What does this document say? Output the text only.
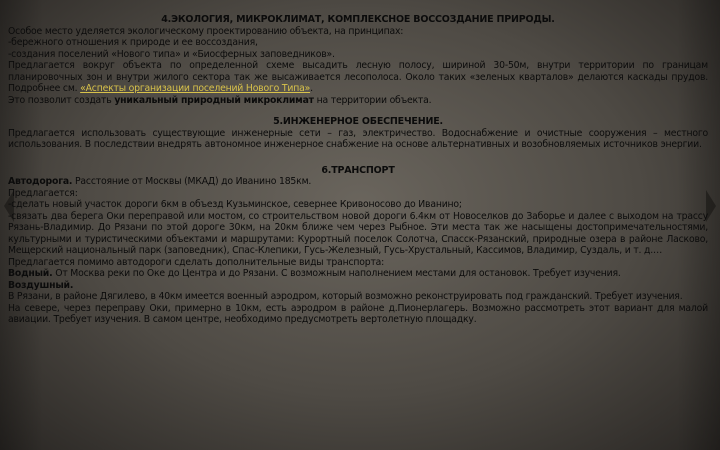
4.ЭКОЛОГИЯ, МИКРОКЛИМАТ, КОМПЛЕКСНОЕ ВОССОЗДАНИЕ ПРИРОДЫ.
Особое место уделяется экологическому проектированию объекта, на принципах:
-бережного отношения к природе и ее воссоздания,
-создания поселений «Нового типа» и «Биосферных заповедников».
Предлагается вокруг объекта по определенной схеме высадить лесную полосу, шириной 30-50м, внутри территории по границам планировочных зон и внутри жилого сектора так же высаживается лесополоса. Около таких «зеленых кварталов» делаются каскады прудов. Подробнее см. «Аспекты организации поселений Нового Типа».
Это позволит создать уникальный природный микроклимат на территории объекта.
5.ИНЖЕНЕРНОЕ ОБЕСПЕЧЕНИЕ.
Предлагается использовать существующие инженерные сети – газ, электричество. Водоснабжение и очистные сооружения – местного использования. В последствии внедрять автономное инженерное снабжение на основе альтернативных и возобновляемых источников энергии.
6.ТРАНСПОРТ
Автодорога. Расстояние от Москвы (МКАД) до Иванино 185км.
Предлагается:
-сделать новый участок дороги 6км в объезд Кузьминское, севернее Кривоносово до Иванино;
-связать два берега Оки переправой или мостом, со строительством новой дороги 6.4км от Новоселков до Заборье и далее с выходом на трассу Рязань-Владимир. До Рязани по этой дороге 30км, на 20км ближе чем через Рыбное. Эти места так же насыщены достопримечательностями, культурными и туристическими объектами и маршрутами: Курортный поселок Солотча, Спасск-Рязанский, природные озера в районе Ласково, Мещерский национальный парк (заповедник), Спас-Клепики, Гусь-Железный, Гусь-Хрустальный, Кассимов, Владимир, Суздаль, и т. д.…
Предлагается помимо автодороги сделать дополнительные виды транспорта:
Водный. От Москва реки по Оке до Центра и до Рязани. С возможным наполнением местами для остановок. Требует изучения.
Воздушный.
В Рязани, в районе Дягилево, в 40км имеется военный аэродром, который возможно реконструировать под гражданский. Требует изучения.
На севере, через переправу Оки, примерно в 10км, есть аэродром в районе д.Пионерлагерь. Возможно рассмотреть этот вариант для малой авиации. Требует изучения. В самом центре, необходимо предусмотреть вертолетную площадку.
